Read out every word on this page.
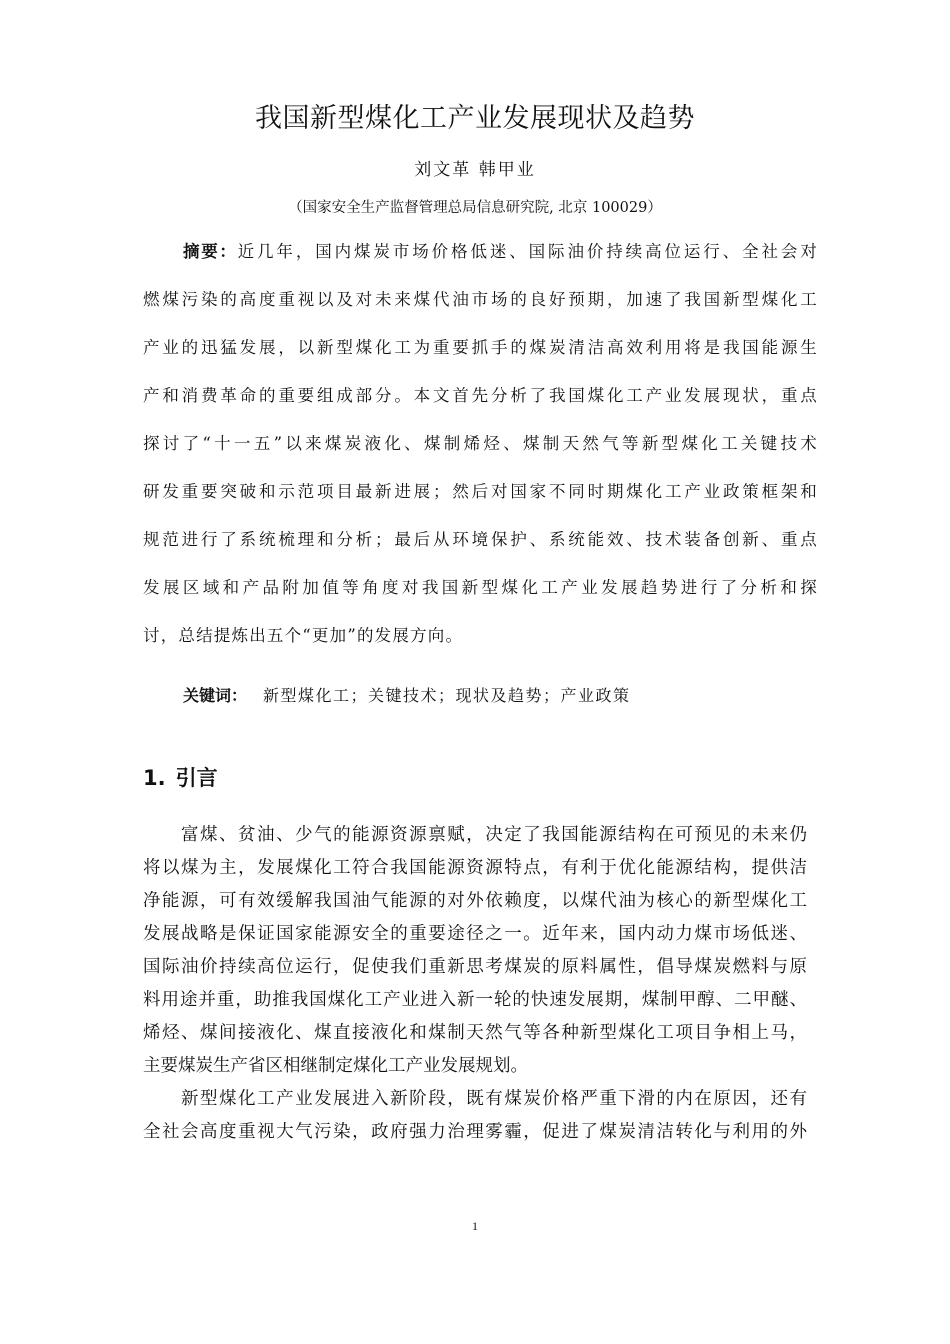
我国新型煤化工产业发展现状及趋势
刘文革 韩甲业
（国家安全生产监督管理总局信息研究院, 北京 100029）
摘要：近几年，国内煤炭市场价格低迷、国际油价持续高位运行、全社会对
燃煤污染的高度重视以及对未来煤代油市场的良好预期，加速了我国新型煤化工
产业的迅猛发展，以新型煤化工为重要抓手的煤炭清洁高效利用将是我国能源生
产和消费革命的重要组成部分。本文首先分析了我国煤化工产业发展现状，重点
探讨了“十一五”以来煤炭液化、煤制烯烃、煤制天然气等新型煤化工关键技术
研发重要突破和示范项目最新进展；然后对国家不同时期煤化工产业政策框架和
规范进行了系统梳理和分析；最后从环境保护、系统能效、技术装备创新、重点
发展区域和产品附加值等角度对我国新型煤化工产业发展趋势进行了分析和探
讨，总结提炼出五个“更加”的发展方向。
关键词： 新型煤化工；关键技术；现状及趋势；产业政策
1. 引言
富煤、贫油、少气的能源资源禀赋，决定了我国能源结构在可预见的未来仍
将以煤为主，发展煤化工符合我国能源资源特点，有利于优化能源结构，提供洁
净能源，可有效缓解我国油气能源的对外依赖度，以煤代油为核心的新型煤化工
发展战略是保证国家能源安全的重要途径之一。近年来，国内动力煤市场低迷、
国际油价持续高位运行，促使我们重新思考煤炭的原料属性，倡导煤炭燃料与原
料用途并重，助推我国煤化工产业进入新一轮的快速发展期，煤制甲醇、二甲醚、
烯烃、煤间接液化、煤直接液化和煤制天然气等各种新型煤化工项目争相上马，
主要煤炭生产省区相继制定煤化工产业发展规划。
新型煤化工产业发展进入新阶段，既有煤炭价格严重下滑的内在原因，还有
全社会高度重视大气污染，政府强力治理雾霾，促进了煤炭清洁转化与利用的外
1
